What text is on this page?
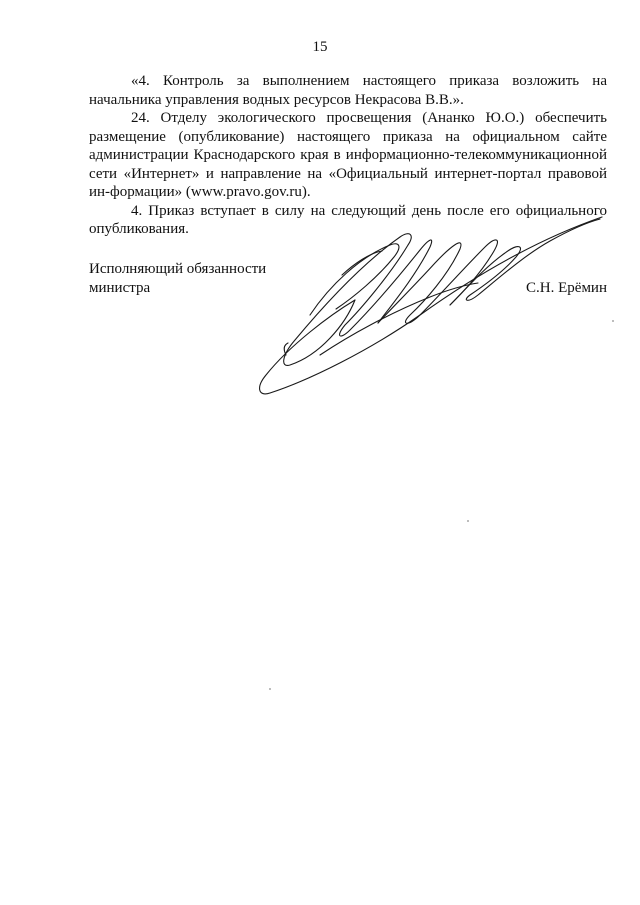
15

«4. Контроль за выполнением настоящего приказа возложить на начальника управления водных ресурсов Некрасова В.В.».

24. Отделу экологического просвещения (Ананко Ю.О.) обеспечить размещение (опубликование) настоящего приказа на официальном сайте администрации Краснодарского края в информационно-телекоммуникационной сети «Интернет» и направление на «Официальный интернет-портал правовой ин-формации» (www.pravo.gov.ru).

4. Приказ вступает в силу на следующий день после его официального опубликования.

Исполняющий обязанности

министра	С.Н. Ерёмин
